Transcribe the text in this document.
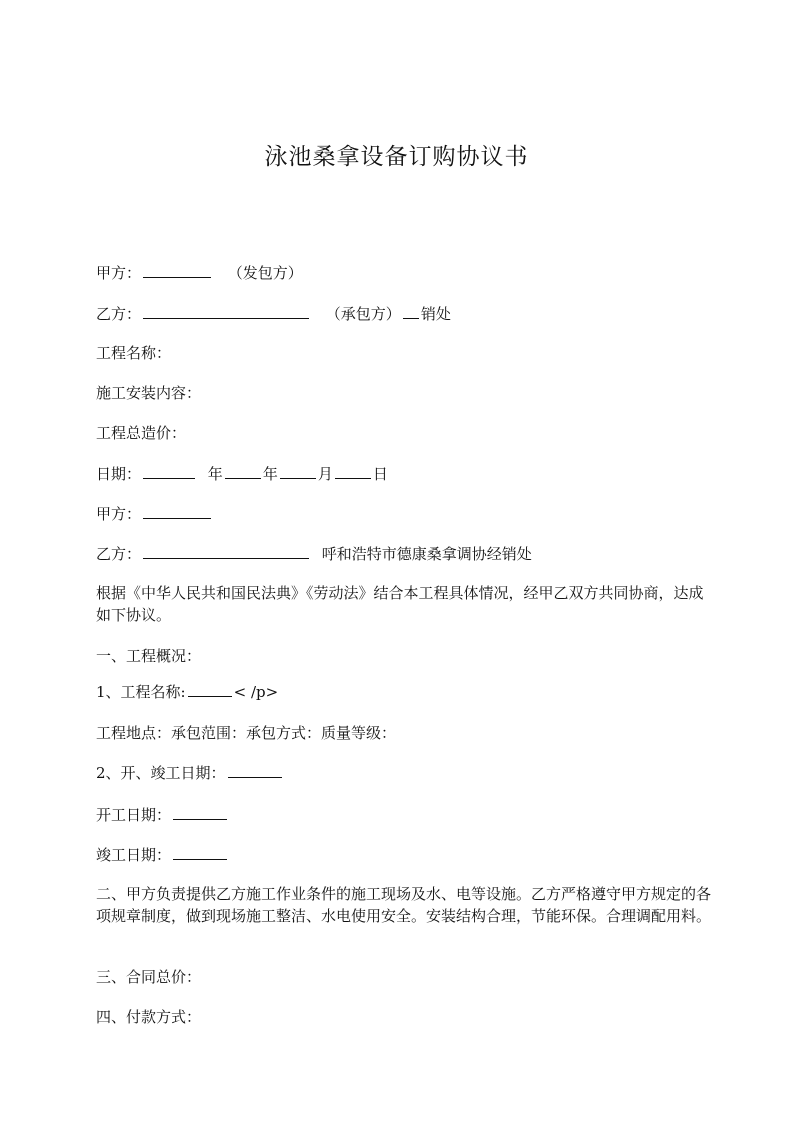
泳池桑拿设备订购协议书
甲方：	（发包方）
乙方：	（承包方） 销处
工程名称：
施工安装内容：
工程总造价：
日期：	年	年	月	日
甲方：
乙方：	呼和浩特市德康桑拿调协经销处
根据《中华人民共和国民法典》《劳动法》结合本工程具体情况，经甲乙双方共同协商，达成如下协议。
一、工程概况：
1、工程名称:	< /p>
工程地点：承包范围：承包方式：质量等级：
2、开、竣工日期：
开工日期：
竣工日期：
二、甲方负责提供乙方施工作业条件的施工现场及水、电等设施。乙方严格遵守甲方规定的各项规章制度，做到现场施工整洁、水电使用安全。安装结构合理，节能环保。合理调配用料。
三、合同总价：
四、付款方式：
